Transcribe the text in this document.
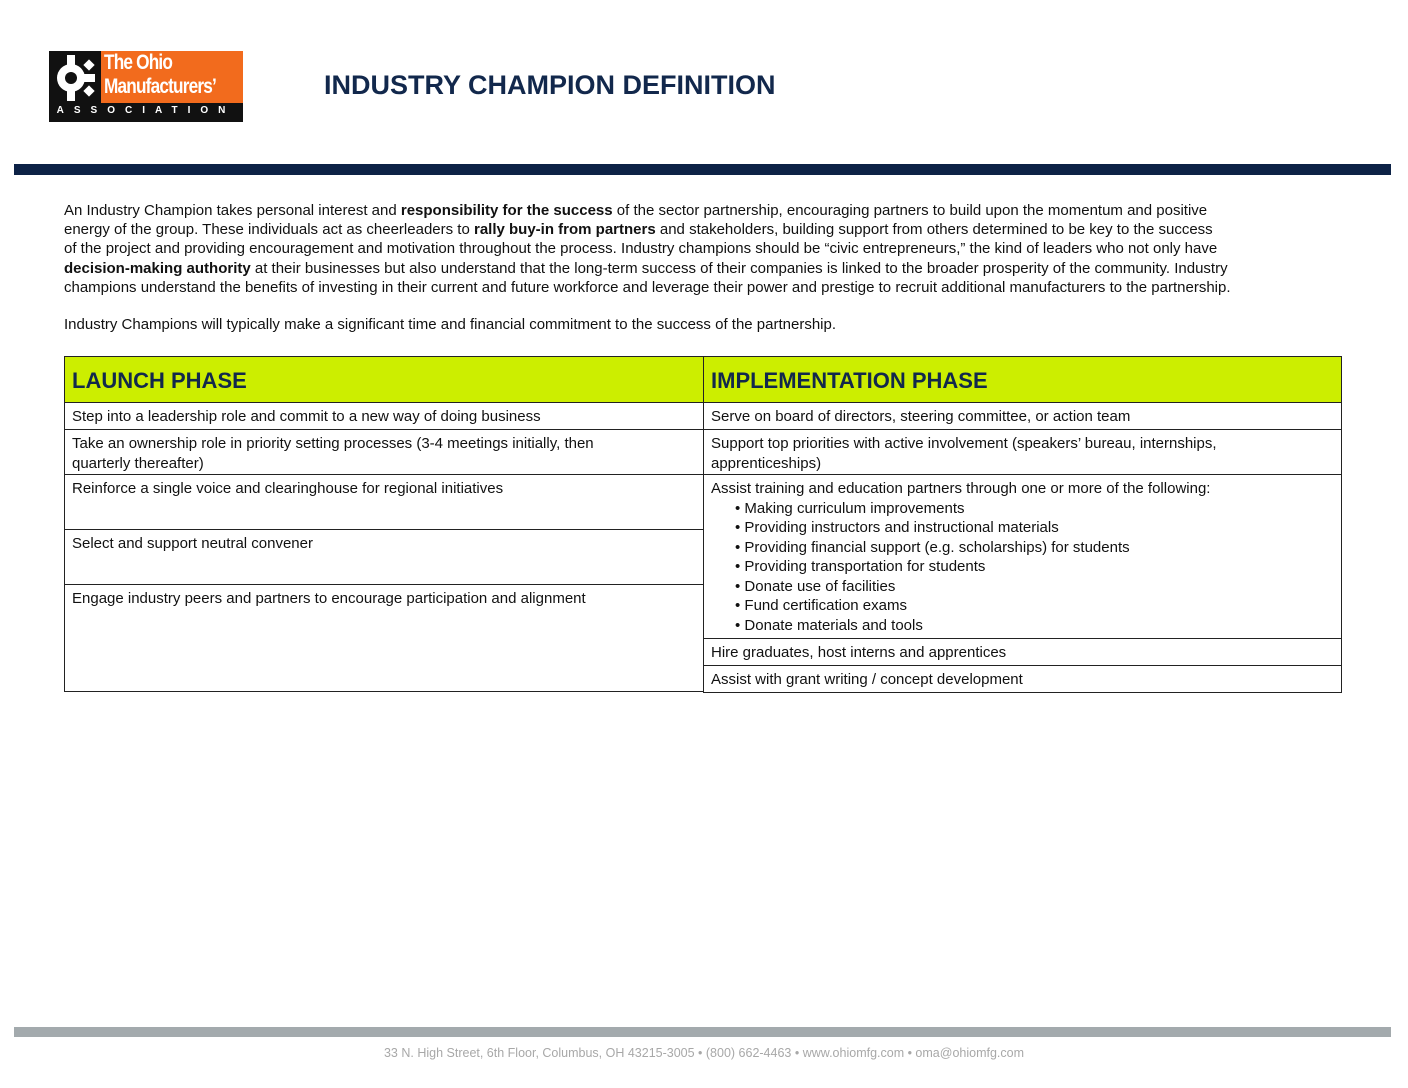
The Ohio
Manufacturers’
ASSOCIATION
INDUSTRY CHAMPION DEFINITION
An Industry Champion takes personal interest and responsibility for the success of the sector partnership, encouraging partners to build upon the momentum and positive
energy of the group. These individuals act as cheerleaders to rally buy-in from partners and stakeholders, building support from others determined to be key to the success
of the project and providing encouragement and motivation throughout the process. Industry champions should be “civic entrepreneurs,” the kind of leaders who not only have
decision-making authority at their businesses but also understand that the long-term success of their companies is linked to the broader prosperity of the community. Industry
champions understand the benefits of investing in their current and future workforce and leverage their power and prestige to recruit additional manufacturers to the partnership.
Industry Champions will typically make a significant time and financial commitment to the success of the partnership.
LAUNCH PHASE
Step into a leadership role and commit to a new way of doing business
Take an ownership role in priority setting processes (3-4 meetings initially, then quarterly thereafter)
Reinforce a single voice and clearinghouse for regional initiatives
Select and support neutral convener
Engage industry peers and partners to encourage participation and alignment
IMPLEMENTATION PHASE
Serve on board of directors, steering committee, or action team
Support top priorities with active involvement (speakers’ bureau, internships, apprenticeships)
Assist training and education partners through one or more of the following:
• Making curriculum improvements
• Providing instructors and instructional materials
• Providing financial support (e.g. scholarships) for students
• Providing transportation for students
• Donate use of facilities
• Fund certification exams
• Donate materials and tools
Hire graduates, host interns and apprentices
Assist with grant writing / concept development
33 N. High Street, 6th Floor, Columbus, OH 43215-3005 • (800) 662-4463 • www.ohiomfg.com • oma@ohiomfg.com
